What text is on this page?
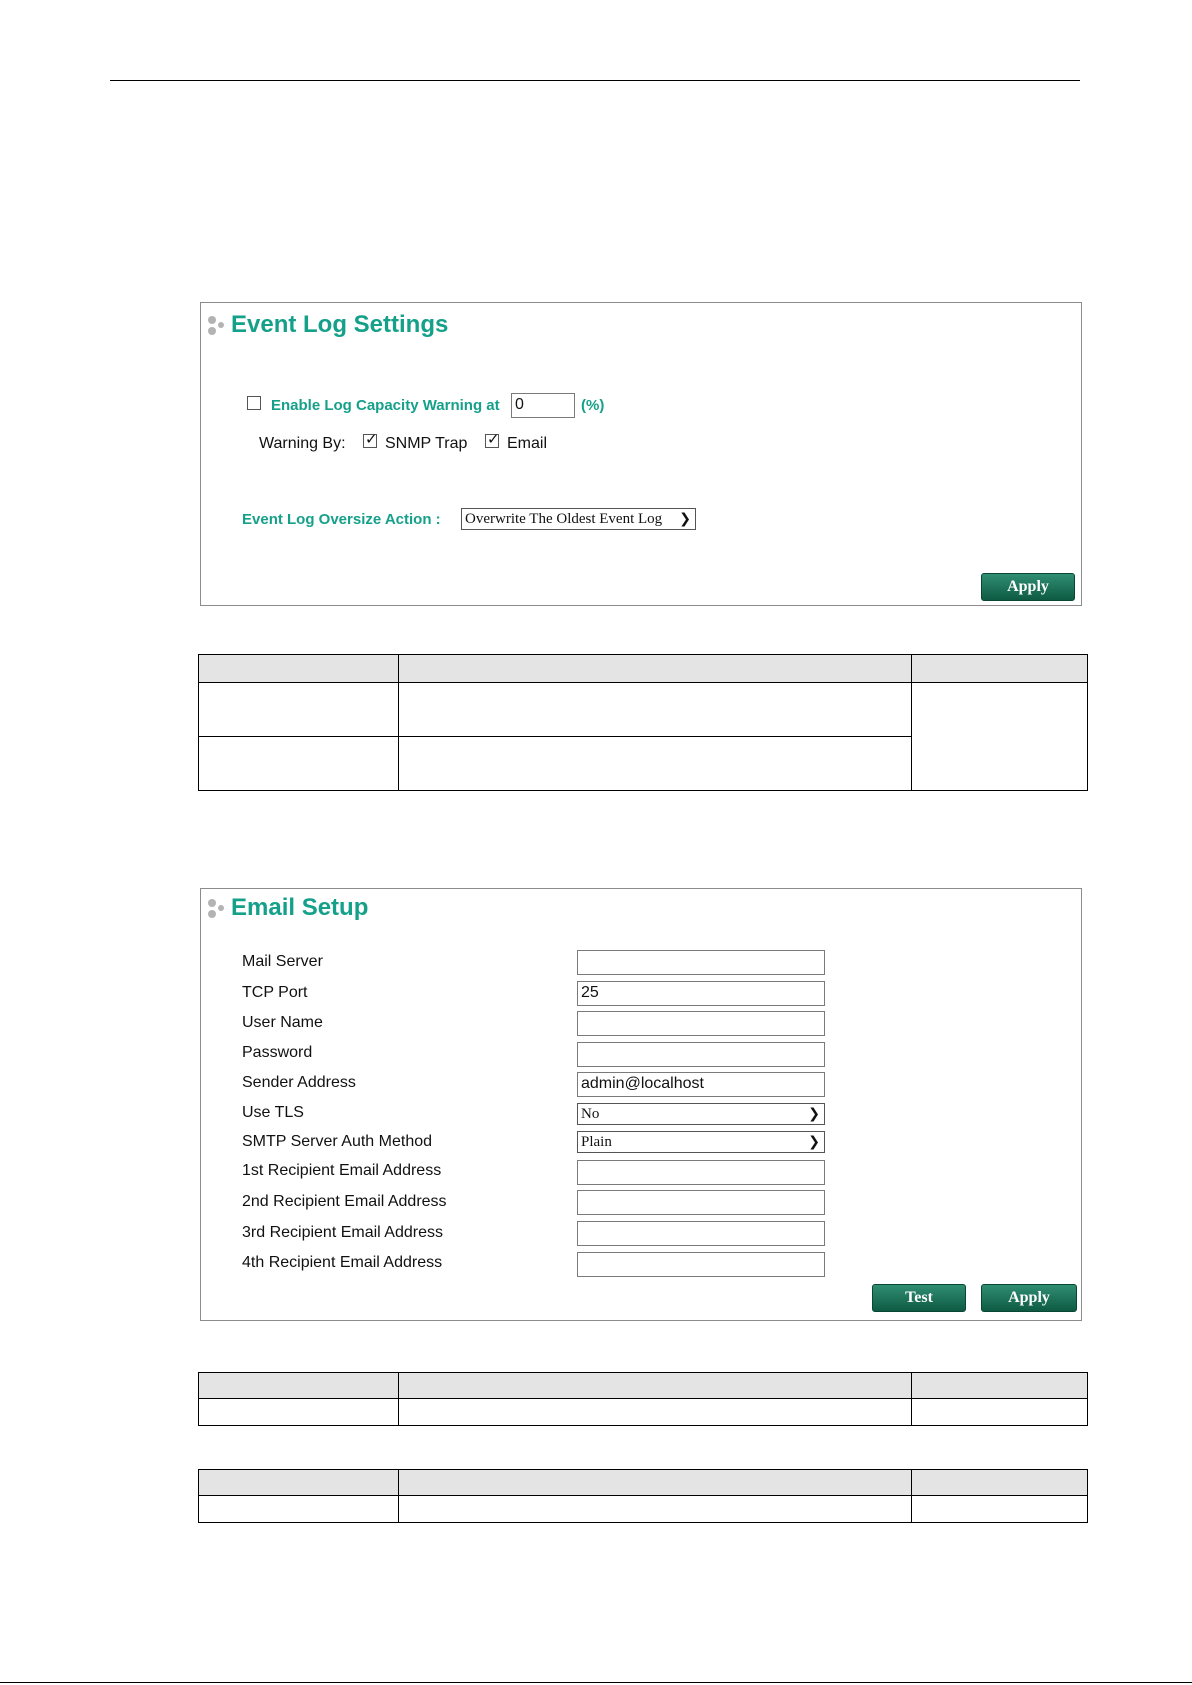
Event Log Settings
Enable Log Capacity Warning at 0	(%)
Warning By: ✓ SNMP Trap ✓ Email
Event Log Oversize Action : Overwrite The Oldest Event Log ❯
Apply

Email Setup
Mail Server
TCP Port	25
User Name
Password
Sender Address	admin@localhost
Use TLS	No	❯
SMTP Server Auth Method	Plain	❯
1st Recipient Email Address
2nd Recipient Email Address
3rd Recipient Email Address
4th Recipient Email Address
Test	Apply
